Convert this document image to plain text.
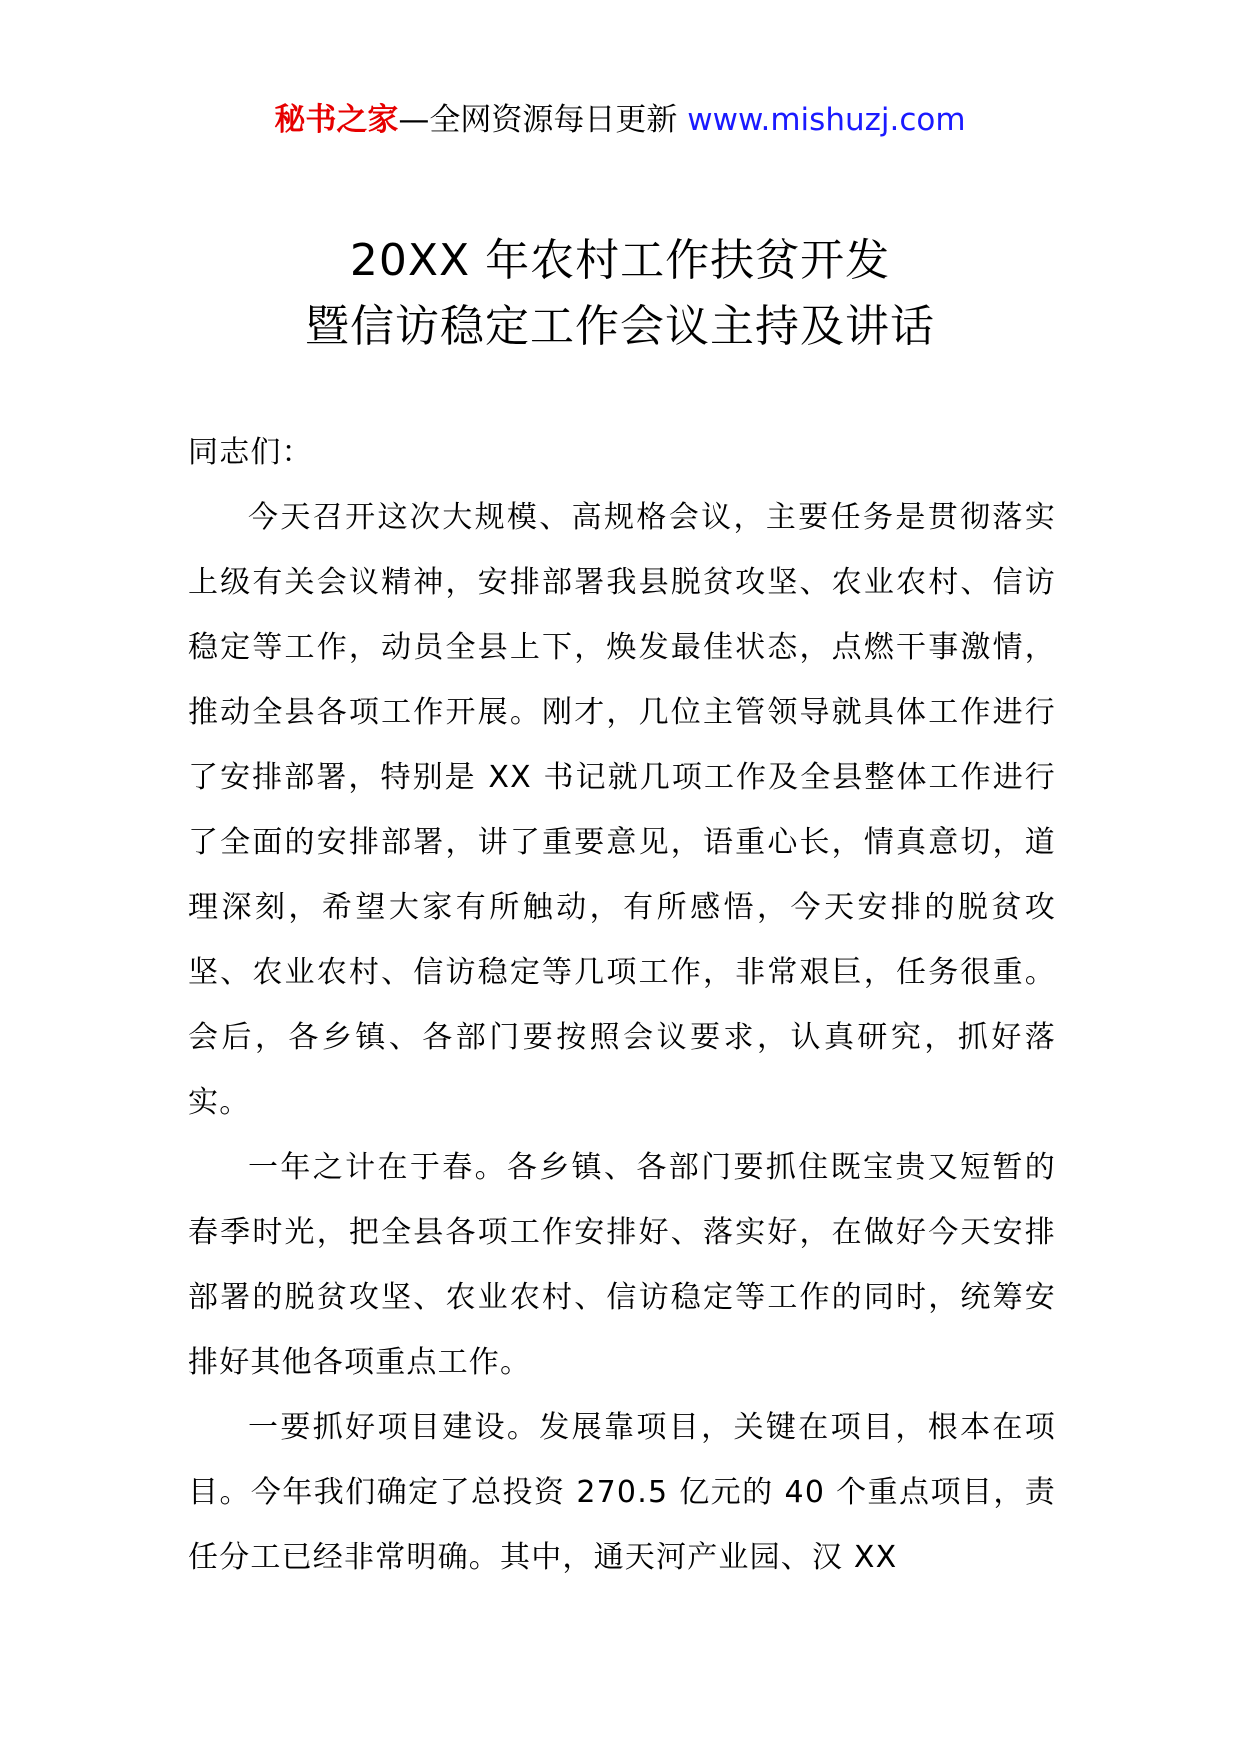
秘书之家—全网资源每日更新 www.mishuzj.com
20XX 年农村工作扶贫开发
暨信访稳定工作会议主持及讲话

同志们：

今天召开这次大规模、高规格会议，主要任务是贯彻落实上级有关会议精神，安排部署我县脱贫攻坚、农业农村、信访稳定等工作，动员全县上下，焕发最佳状态，点燃干事激情，推动全县各项工作开展。刚才，几位主管领导就具体工作进行了安排部署，特别是 XX 书记就几项工作及全县整体工作进行了全面的安排部署，讲了重要意见，语重心长，情真意切，道理深刻，希望大家有所触动，有所感悟，今天安排的脱贫攻坚、农业农村、信访稳定等几项工作，非常艰巨，任务很重。会后，各乡镇、各部门要按照会议要求，认真研究，抓好落实。

一年之计在于春。各乡镇、各部门要抓住既宝贵又短暂的春季时光，把全县各项工作安排好、落实好，在做好今天安排部署的脱贫攻坚、农业农村、信访稳定等工作的同时，统筹安排好其他各项重点工作。

一要抓好项目建设。发展靠项目，关键在项目，根本在项目。今年我们确定了总投资 270.5 亿元的 40 个重点项目，责任分工已经非常明确。其中，通天河产业园、汉 XX
